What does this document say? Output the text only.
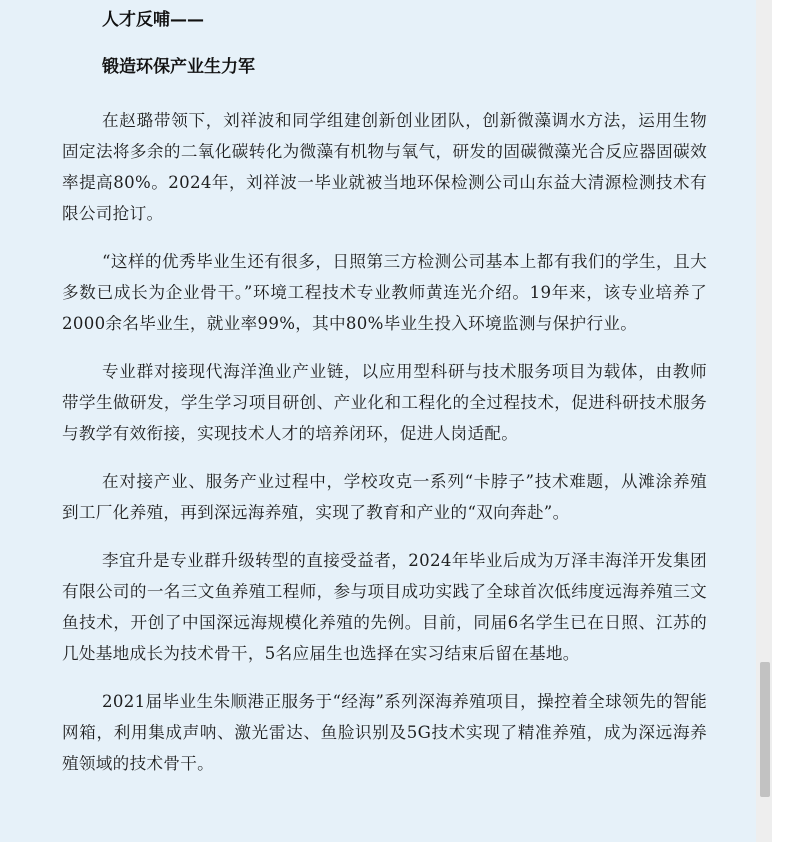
人才反哺——

锻造环保产业生力军

在赵璐带领下，刘祥波和同学组建创新创业团队，创新微藻调水方法，运用生物固定法将多余的二氧化碳转化为微藻有机物与氧气，研发的固碳微藻光合反应器固碳效率提高80%。2024年，刘祥波一毕业就被当地环保检测公司山东益大清源检测技术有限公司抢订。

“这样的优秀毕业生还有很多，日照第三方检测公司基本上都有我们的学生，且大多数已成长为企业骨干。”环境工程技术专业教师黄连光介绍。19年来，该专业培养了2000余名毕业生，就业率99%，其中80%毕业生投入环境监测与保护行业。

专业群对接现代海洋渔业产业链，以应用型科研与技术服务项目为载体，由教师带学生做研发，学生学习项目研创、产业化和工程化的全过程技术，促进科研技术服务与教学有效衔接，实现技术人才的培养闭环，促进人岗适配。

在对接产业、服务产业过程中，学校攻克一系列“卡脖子”技术难题，从滩涂养殖到工厂化养殖，再到深远海养殖，实现了教育和产业的“双向奔赴”。

李宜升是专业群升级转型的直接受益者，2024年毕业后成为万泽丰海洋开发集团有限公司的一名三文鱼养殖工程师，参与项目成功实践了全球首次低纬度远海养殖三文鱼技术，开创了中国深远海规模化养殖的先例。目前，同届6名学生已在日照、江苏的几处基地成长为技术骨干，5名应届生也选择在实习结束后留在基地。

2021届毕业生朱顺港正服务于“经海”系列深海养殖项目，操控着全球领先的智能网箱，利用集成声呐、激光雷达、鱼脸识别及5G技术实现了精准养殖，成为深远海养殖领域的技术骨干。
